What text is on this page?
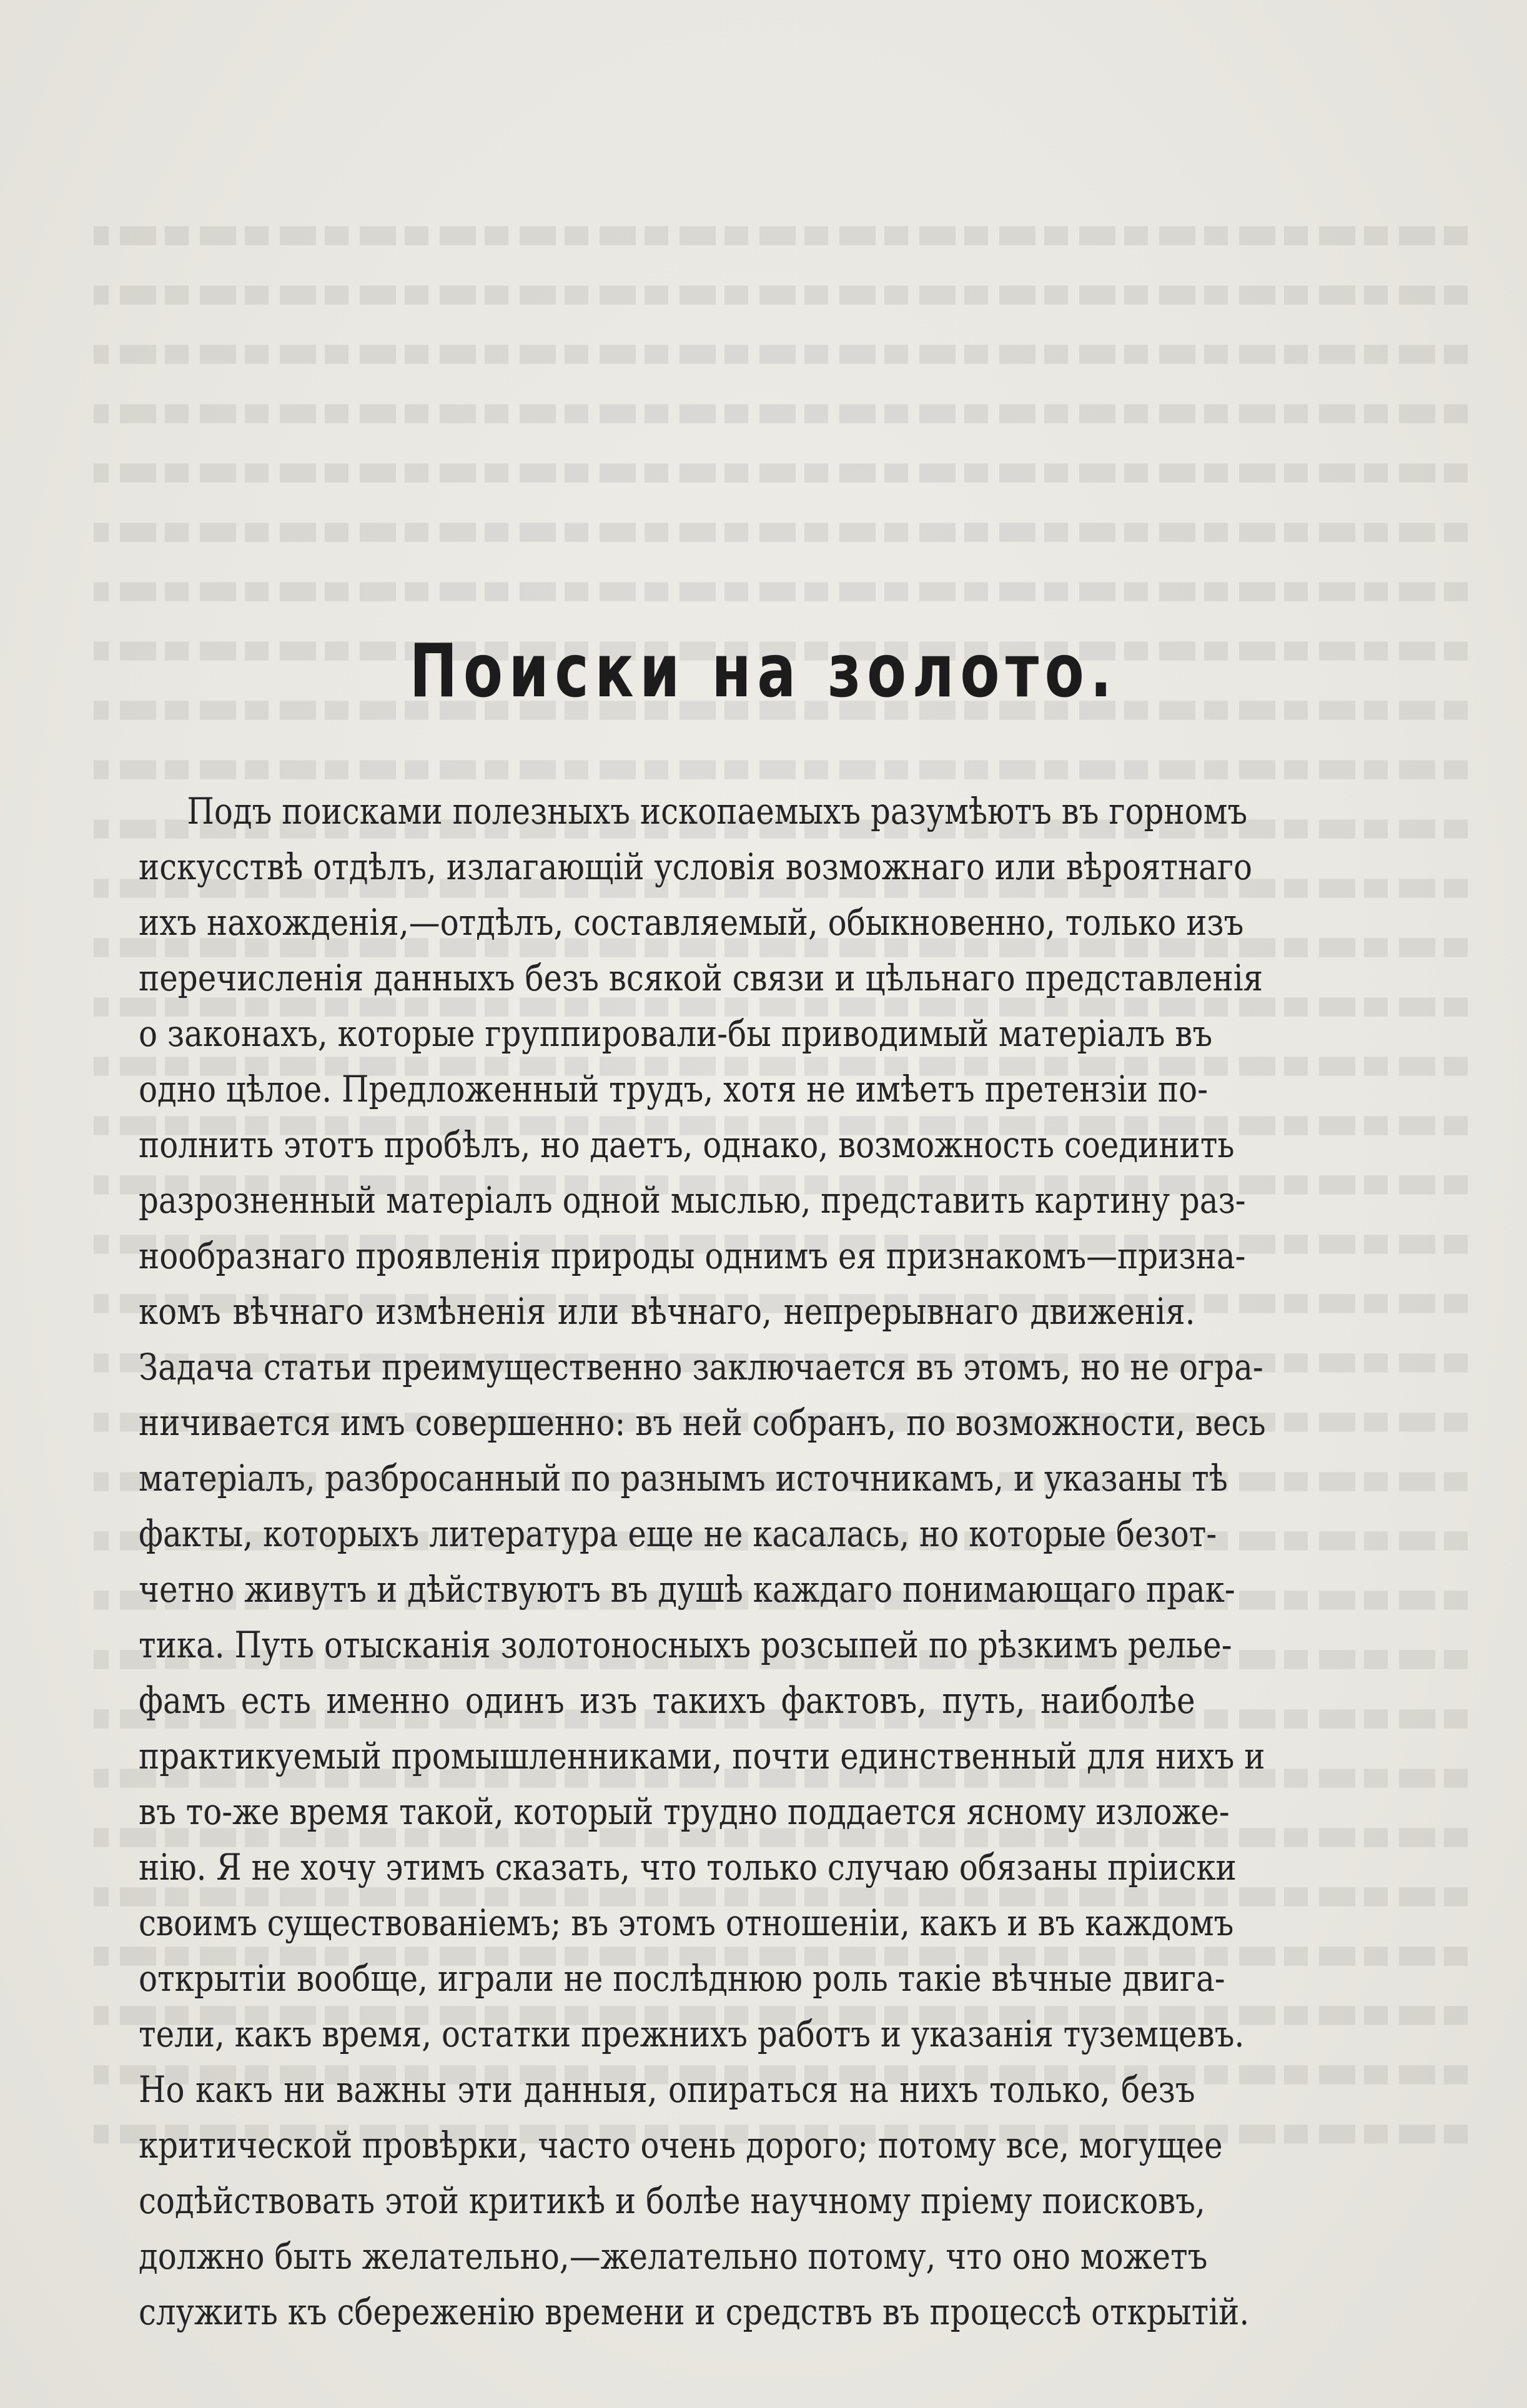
Поиски на золото.
Подъ поисками полезныхъ ископаемыхъ разумѣютъ въ горномъ
искусствѣ отдѣлъ, излагающій условія возможнаго или вѣроятнаго
ихъ нахожденія,—отдѣлъ, составляемый, обыкновенно, только изъ
перечисленія данныхъ безъ всякой связи и цѣльнаго представленія
о законахъ, которые группировали-бы приводимый матеріалъ въ
одно цѣлое. Предложенный трудъ, хотя не имѣетъ претензіи по-
полнить этотъ пробѣлъ, но даетъ, однако, возможность соединить
разрозненный матеріалъ одной мыслью, представить картину раз-
нообразнаго проявленія природы однимъ ея признакомъ—призна-
комъ вѣчнаго измѣненія или вѣчнаго, непрерывнаго движенія.
Задача статьи преимущественно заключается въ этомъ, но не огра-
ничивается имъ совершенно: въ ней собранъ, по возможности, весь
матеріалъ, разбросанный по разнымъ источникамъ, и указаны тѣ
факты, которыхъ литература еще не касалась, но которые безот-
четно живутъ и дѣйствуютъ въ душѣ каждаго понимающаго прак-
тика. Путь отысканія золотоносныхъ розсыпей по рѣзкимъ релье-
фамъ есть именно одинъ изъ такихъ фактовъ, путь, наиболѣе
практикуемый промышленниками, почти единственный для нихъ и
въ то-же время такой, который трудно поддается ясному изложе-
нію. Я не хочу этимъ сказать, что только случаю обязаны пріиски
своимъ существованіемъ; въ этомъ отношеніи, какъ и въ каждомъ
открытіи вообще, играли не послѣднюю роль такіе вѣчные двига-
тели, какъ время, остатки прежнихъ работъ и указанія туземцевъ.
Но какъ ни важны эти данныя, опираться на нихъ только, безъ
критической провѣрки, часто очень дорого; потому все, могущее
содѣйствовать этой критикѣ и болѣе научному пріему поисковъ,
должно быть желательно,—желательно потому, что оно можетъ
служить къ сбереженію времени и средствъ въ процессѣ открытій.
